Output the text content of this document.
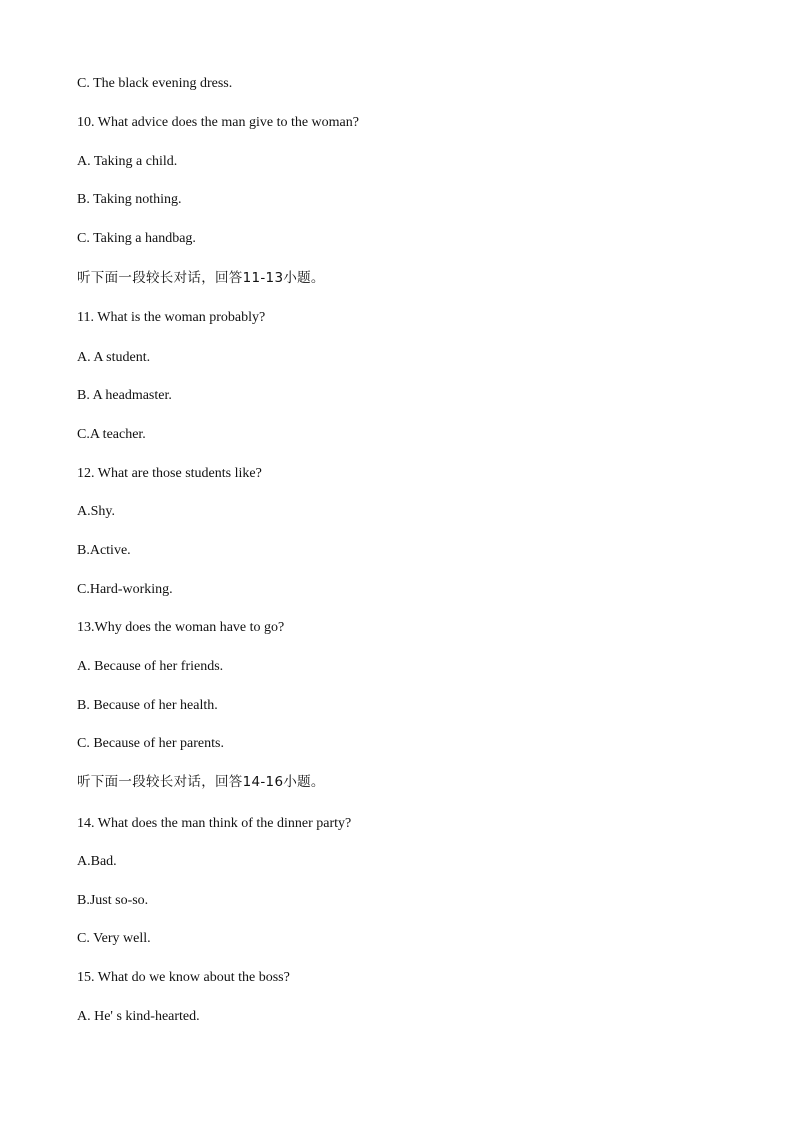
C. The black evening dress.
10. What advice does the man give to the woman?
A. Taking a child.
B. Taking nothing.
C. Taking a handbag.
听下面一段较长对话，回答11-13小题。
11. What is the woman probably?
A. A student.
B. A headmaster.
C.A teacher.
12. What are those students like?
A.Shy.
B.Active.
C.Hard-working.
13.Why does the woman have to go?
A. Because of her friends.
B. Because of her health.
C. Because of her parents.
听下面一段较长对话，回答14-16小题。
14. What does the man think of the dinner party?
A.Bad.
B.Just so-so.
C. Very well.
15. What do we know about the boss?
A. He' s kind-hearted.
